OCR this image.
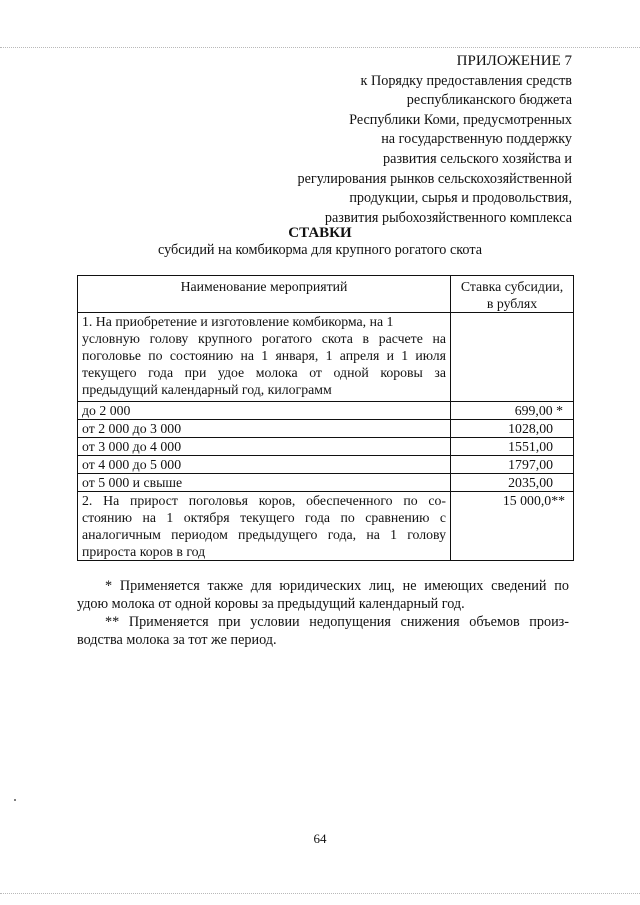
ПРИЛОЖЕНИЕ 7
к Порядку предоставления средств
республиканского бюджета
Республики Коми, предусмотренных
на государственную поддержку
развития сельского хозяйства и
регулирования рынков сельскохозяйственной
продукции, сырья и продовольствия,
развития рыбохозяйственного комплекса
СТАВКИ
субсидий на комбикорма для крупного рогатого скота
Наименование мероприятий	Ставка субсидии,
в рублях

1. На приобретение и изготовление комбикорма, на 1
условную голову крупного рогатого скота в расчете на
поголовье по состоянию на 1 января, 1 апреля и 1 июля
текущего года при удое молока от одной коровы за
предыдущий календарный год, килограмм	

до 2 000	699,00 *
от 2 000 до 3 000	1028,00
от 3 000 до 4 000	1551,00
от 4 000 до 5 000	1797,00
от 5 000 и свыше	2035,00

2. На прирост поголовья коров, обеспеченного по со-
стоянию на 1 октября текущего года по сравнению с
аналогичным периодом предыдущего года, на 1 голову
прироста коров в год	15 000,0**
* Применяется также для юридических лиц, не имеющих сведений по
удою молока от одной коровы за предыдущий календарный год.
** Применяется при условии недопущения снижения объемов произ-
водства молока за тот же период.
64
